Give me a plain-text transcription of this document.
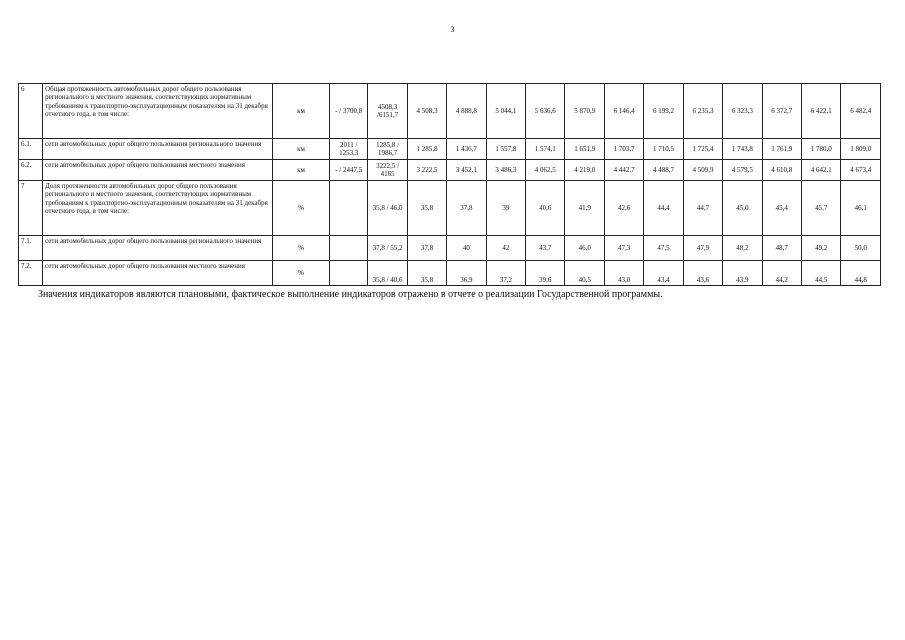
3
6	Общая протяженность автомобильных дорог общего пользования регионального и местного значения, соответствующих нормативным требованиям к транспортно-эксплуатационным показателям на 31 декабря отчетного года, в том числе:	км	- / 3700,8	4508,3 /6151,7	4 508,3	4 888,8	5 044,1	5 636,6	5 870,9	6 146,4	6 199,2	6 235,3	6 323,3	6 372,7	6 422,1	6 482,4
6.1.	сети автомобильных дорог общего пользования регионального значения	км	2011 / 1253,3	1285,8 / 1986,7	1 285,8	1 436,7	1 557,8	1 574,1	1 651,9	1 703,7	1 710,5	1 725,4	1 743,8	1 761,9	1 780,0	1 809,0
6.2.	сети автомобильных дорог общего пользования местного значения	км	- / 2447,5	3222,5 / 4165	3 222,5	3 452,1	3 486,3	4 062,5	4 219,0	4 442,7	4 488,7	4 509,9	4 579,5	4 610,8	4 642,1	4 673,4
7	Доля протяженности автомобильных дорог общего пользования регионального и местного значения, соответствующих нормативным требованиям к транспортно-эксплуатационным показателям на 31 декабря отчетного года, в том числе:	%		35,8 / 46,0	35,8	37,8	39	40,6	41,9	42,6	44,4	44,7	45,0	45,4	45,7	46,1
7.1.	сети автомобильных дорог общего пользования регионального значения	%		37,8 / 55,2	37,8	40	42	43,7	46,0	47,3	47,5	47,9	48,2	48,7	49,2	50,0
7.2.	сети автомобильных дорог общего пользования местного значения	%		35,8 / 40,6	35,8	36,9	37,2	39,6	40,5	43,0	43,4	43,6	43,9	44,2	44,5	44,8
Значения индикаторов являются плановыми, фактическое выполнение индикаторов отражено в отчете о реализации Государственной программы.
